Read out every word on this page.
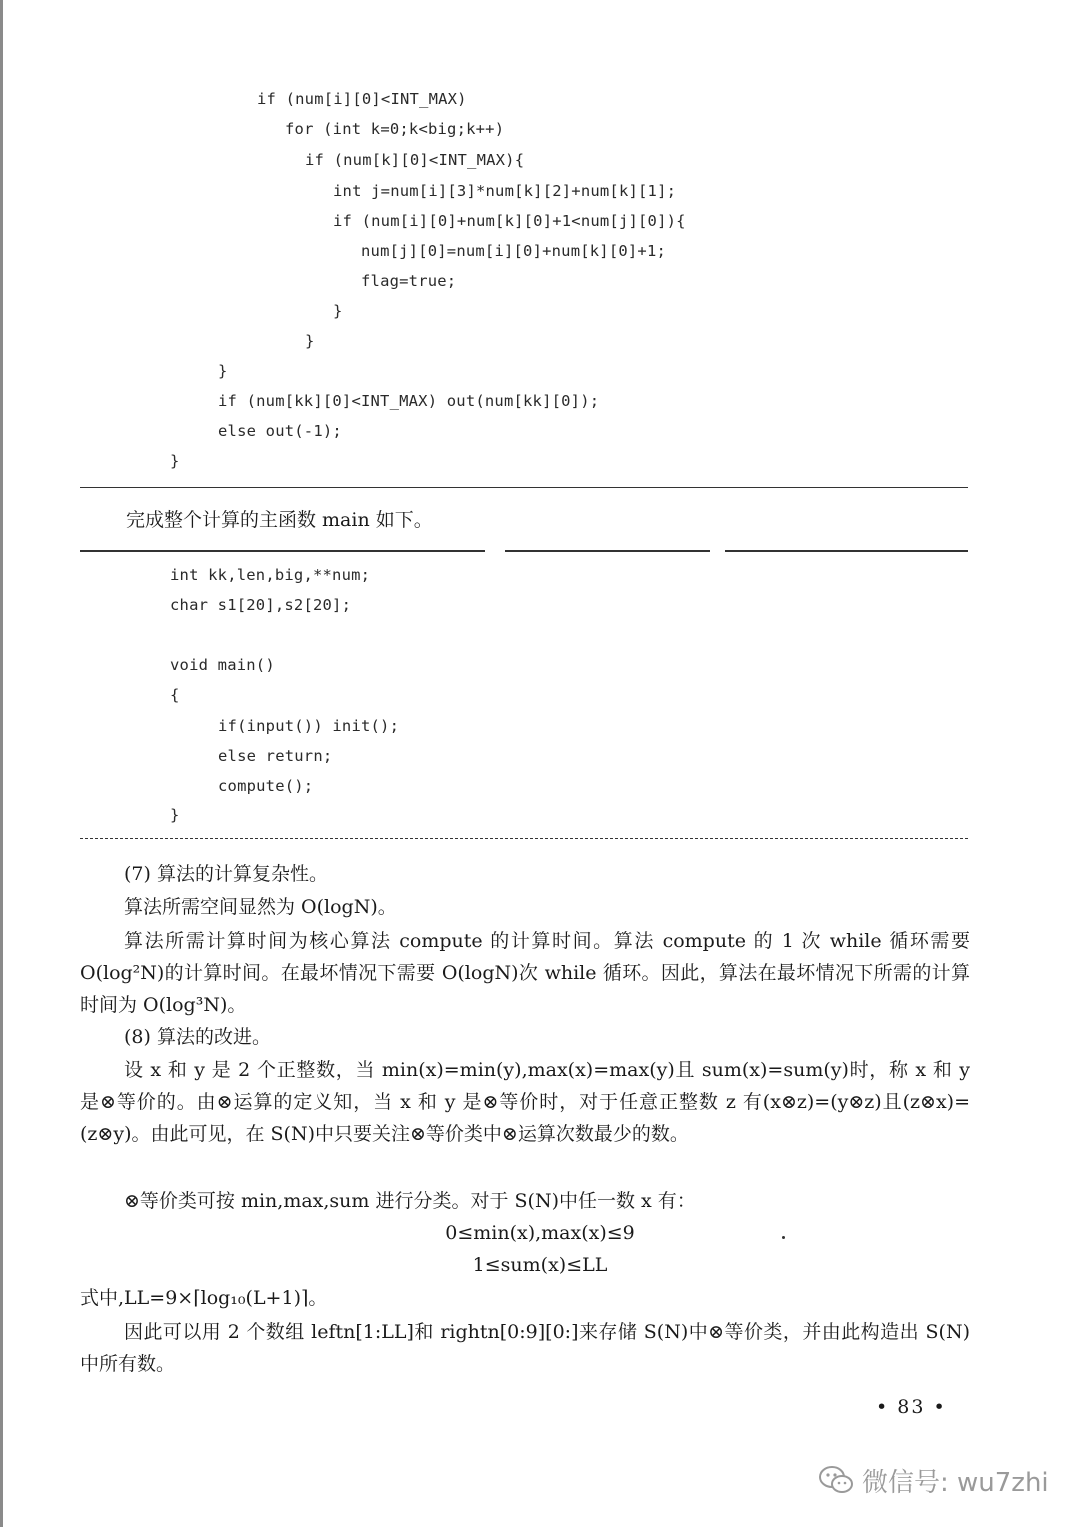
if (num[i][0]<INT_MAX)
for (int k=0;k<big;k++)
if (num[k][0]<INT_MAX){
int j=num[i][3]*num[k][2]+num[k][1];
if (num[i][0]+num[k][0]+1<num[j][0]){
num[j][0]=num[i][0]+num[k][0]+1;
flag=true;
}
}
}
if (num[kk][0]<INT_MAX) out(num[kk][0]);
else out(-1);
}
完成整个计算的主函数 main 如下。
int kk,len,big,**num;
char s1[20],s2[20];
void main()
{
if(input()) init();
else return;
compute();
}
(7) 算法的计算复杂性。
算法所需空间显然为 O(logN)。
算法所需计算时间为核心算法 compute 的计算时间。算法 compute 的 1 次 while 循环需要 O(log²N)的计算时间。在最坏情况下需要 O(logN)次 while 循环。因此，算法在最坏情况下所需的计算时间为 O(log³N)。
(8) 算法的改进。
设 x 和 y 是 2 个正整数，当 min(x)=min(y),max(x)=max(y)且 sum(x)=sum(y)时，称 x 和 y 是⊗等价的。由⊗运算的定义知，当 x 和 y 是⊗等价时，对于任意正整数 z 有(x⊗z)=(y⊗z)且(z⊗x)=(z⊗y)。由此可见，在 S(N)中只要关注⊗等价类中⊗运算次数最少的数。
⊗等价类可按 min,max,sum 进行分类。对于 S(N)中任一数 x 有：
0≤min(x),max(x)≤9
1≤sum(x)≤LL
式中,LL=9×⌈log₁₀(L+1)⌉。
因此可以用 2 个数组 leftn[1:LL]和 rightn[0:9][0:]来存储 S(N)中⊗等价类，并由此构造出 S(N)中所有数。
• 83 •
微信号: wu7zhi
